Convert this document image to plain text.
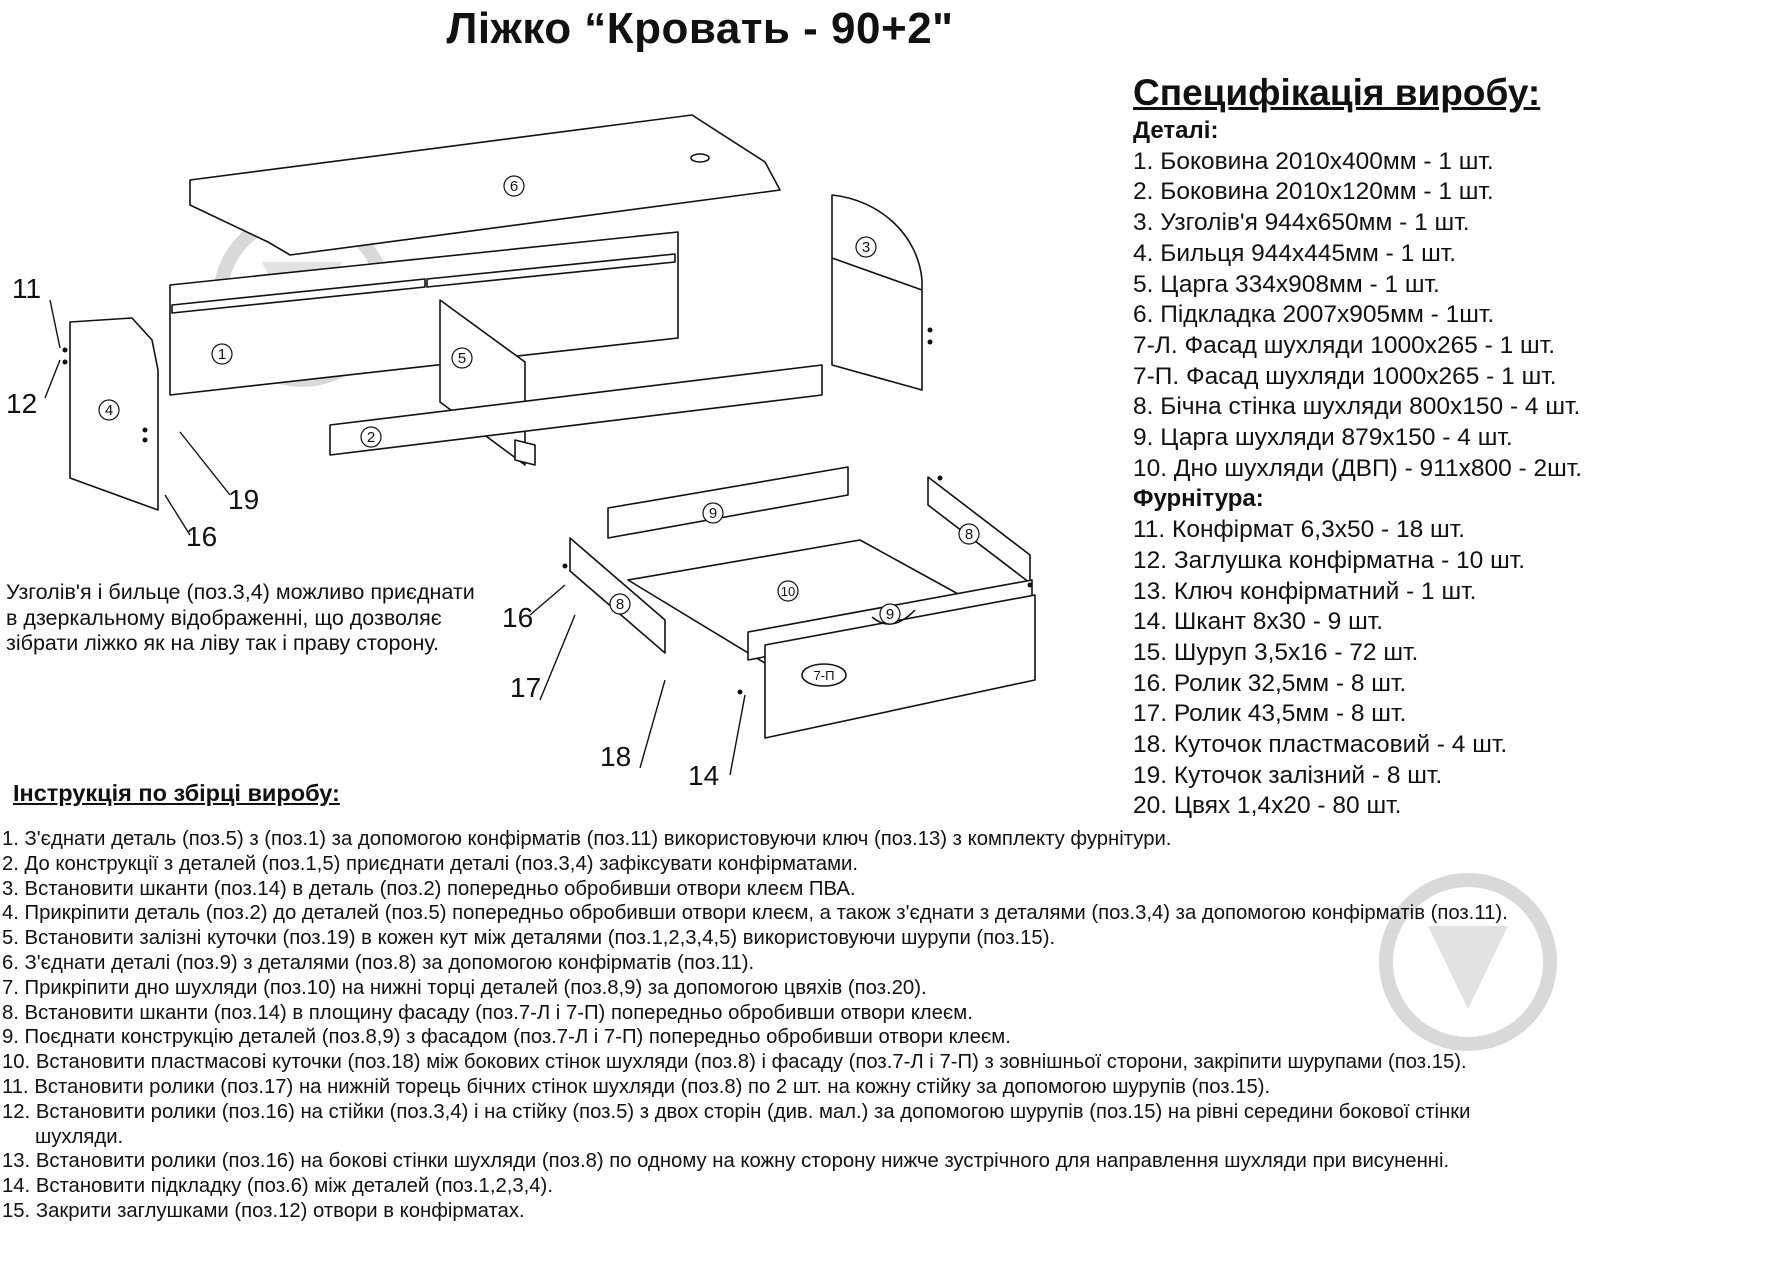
Ліжко “Кровать - 90+2"
11
12
19
16
16
17
18
14
6
1	5
2
3
4
9
8
8
10
9
7-П
Специфікація виробу:
Деталі:
1. Боковина 2010х400мм - 1 шт.
2. Боковина 2010х120мм - 1 шт.
3. Узголів'я 944х650мм - 1 шт.
4. Бильця 944х445мм - 1 шт.
5. Царга 334х908мм - 1 шт.
6. Підкладка 2007х905мм - 1шт.
7-Л. Фасад шухляди 1000х265 - 1 шт.
7-П. Фасад шухляди 1000х265 - 1 шт.
8. Бічна стінка шухляди 800х150 - 4 шт.
9. Царга шухляди 879х150 - 4 шт.
10. Дно шухляди (ДВП) - 911х800 - 2шт.
Фурнітура:
11. Конфірмат 6,3х50 - 18 шт.
12. Заглушка конфірматна - 10 шт.
13. Ключ конфірматний - 1 шт.
14. Шкант 8х30 - 9 шт.
15. Шуруп 3,5х16 - 72 шт.
16. Ролик 32,5мм - 8 шт.
17. Ролик 43,5мм - 8 шт.
18. Куточок пластмасовий - 4 шт.
19. Куточок залізний - 8 шт.
20. Цвях 1,4х20 - 80 шт.
Узголів'я і бильце (поз.3,4) можливо приєднати в дзеркальному відображенні, що дозволяє зібрати ліжко як на ліву так і праву сторону.
Інструкція по збірці виробу:
1. З'єднати деталь (поз.5) з (поз.1) за допомогою конфірматів (поз.11) використовуючи ключ (поз.13) з комплекту фурнітури.
2. До конструкції з деталей (поз.1,5) приєднати деталі (поз.3,4) зафіксувати конфірматами.
3. Встановити шканти (поз.14) в деталь (поз.2) попередньо обробивши отвори клеєм ПВА.
4. Прикріпити деталь (поз.2) до деталей (поз.5) попередньо обробивши отвори клеєм, а також з'єднати з деталями (поз.3,4) за допомогою конфірматів (поз.11).
5. Встановити залізні куточки (поз.19) в кожен кут між деталями (поз.1,2,3,4,5) використовуючи шурупи (поз.15).
6. З'єднати деталі (поз.9) з деталями (поз.8) за допомогою конфірматів (поз.11).
7. Прикріпити дно шухляди (поз.10) на нижні торці деталей (поз.8,9) за допомогою цвяхів (поз.20).
8. Встановити шканти (поз.14) в площину фасаду (поз.7-Л і 7-П) попередньо обробивши отвори клеєм.
9. Поєднати конструкцію деталей (поз.8,9) з фасадом (поз.7-Л і 7-П) попередньо обробивши отвори клеєм.
10. Встановити пластмасові куточки (поз.18) між бокових стінок шухляди (поз.8) і фасаду (поз.7-Л і 7-П) з зовнішньої сторони, закріпити шурупами (поз.15).
11. Встановити ролики (поз.17) на нижній торець бічних стінок шухляди (поз.8) по 2 шт. на кожну стійку за допомогою шурупів (поз.15).
12. Встановити ролики (поз.16) на стійки (поз.3,4) і на стійку (поз.5) з двох сторін (див. мал.) за допомогою шурупів (поз.15) на рівні середини бокової стінки
шухляди.
13. Встановити ролики (поз.16) на бокові стінки шухляди (поз.8) по одному на кожну сторону нижче зустрічного для направлення шухляди при висуненні.
14. Встановити підкладку (поз.6) між деталей (поз.1,2,3,4).
15. Закрити заглушками (поз.12) отвори в конфірматах.
